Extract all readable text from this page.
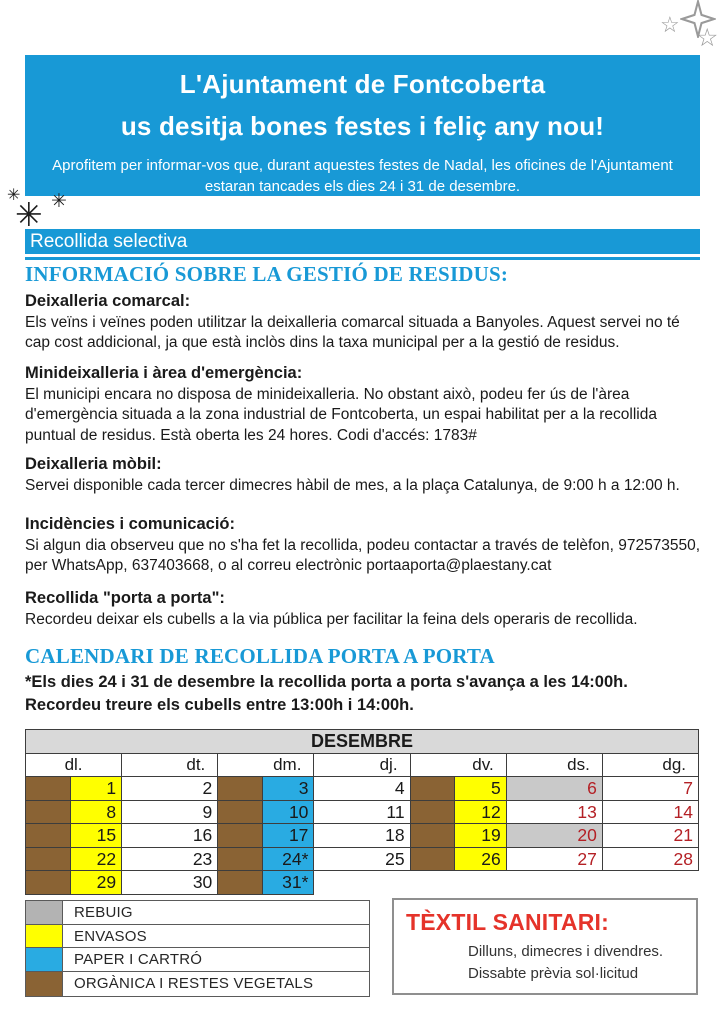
☆ ☆
✳
✳ ✳
L'Ajuntament de Fontcoberta
us desitja bones festes i feliç any nou!
Aprofitem per informar-vos que, durant aquestes festes de Nadal, les oficines de l'Ajuntament
estaran tancades els dies 24 i 31 de desembre.
Recollida selectiva
INFORMACIÓ SOBRE LA GESTIÓ DE RESIDUS:
Deixalleria comarcal:
Els veïns i veïnes poden utilitzar la deixalleria comarcal situada a Banyoles. Aquest servei no té cap cost addicional, ja que està inclòs dins la taxa municipal per a la gestió de residus.
Minideixalleria i àrea d'emergència:
El municipi encara no disposa de minideixalleria. No obstant això, podeu fer ús de l'àrea d'emergència situada a la zona industrial de Fontcoberta, un espai habilitat per a la recollida puntual de residus. Està oberta les 24 hores. Codi d'accés: 1783#
Deixalleria mòbil:
Servei disponible cada tercer dimecres hàbil de mes, a la plaça Catalunya, de 9:00 h a 12:00 h.
Incidències i comunicació:
Si algun dia observeu que no s'ha fet la recollida, podeu contactar a través de telèfon, 972573550, per WhatsApp, 637403668, o al correu electrònic portaaporta@plaestany.cat
Recollida "porta a porta":
Recordeu deixar els cubells a la via pública per facilitar la feina dels operaris de recollida.
CALENDARI DE RECOLLIDA PORTA A PORTA
*Els dies 24 i 31 de desembre la recollida porta a porta s'avança a les 14:00h.
Recordeu treure els cubells entre 13:00h i 14:00h.
DESEMBRE
dl.	dt.	dm.	dj.	dv.	ds.	dg.
1	2	3	4	5	6	7
8	9	10	11	12	13	14
15	16	17	18	19	20	21
22	23	24*	25	26	27	28
29	30	31*
REBUIG
ENVASOS
PAPER I CARTRÓ
ORGÀNICA I RESTES VEGETALS
TÈXTIL SANITARI:
Dilluns, dimecres i divendres.
Dissabte prèvia sol·licitud
